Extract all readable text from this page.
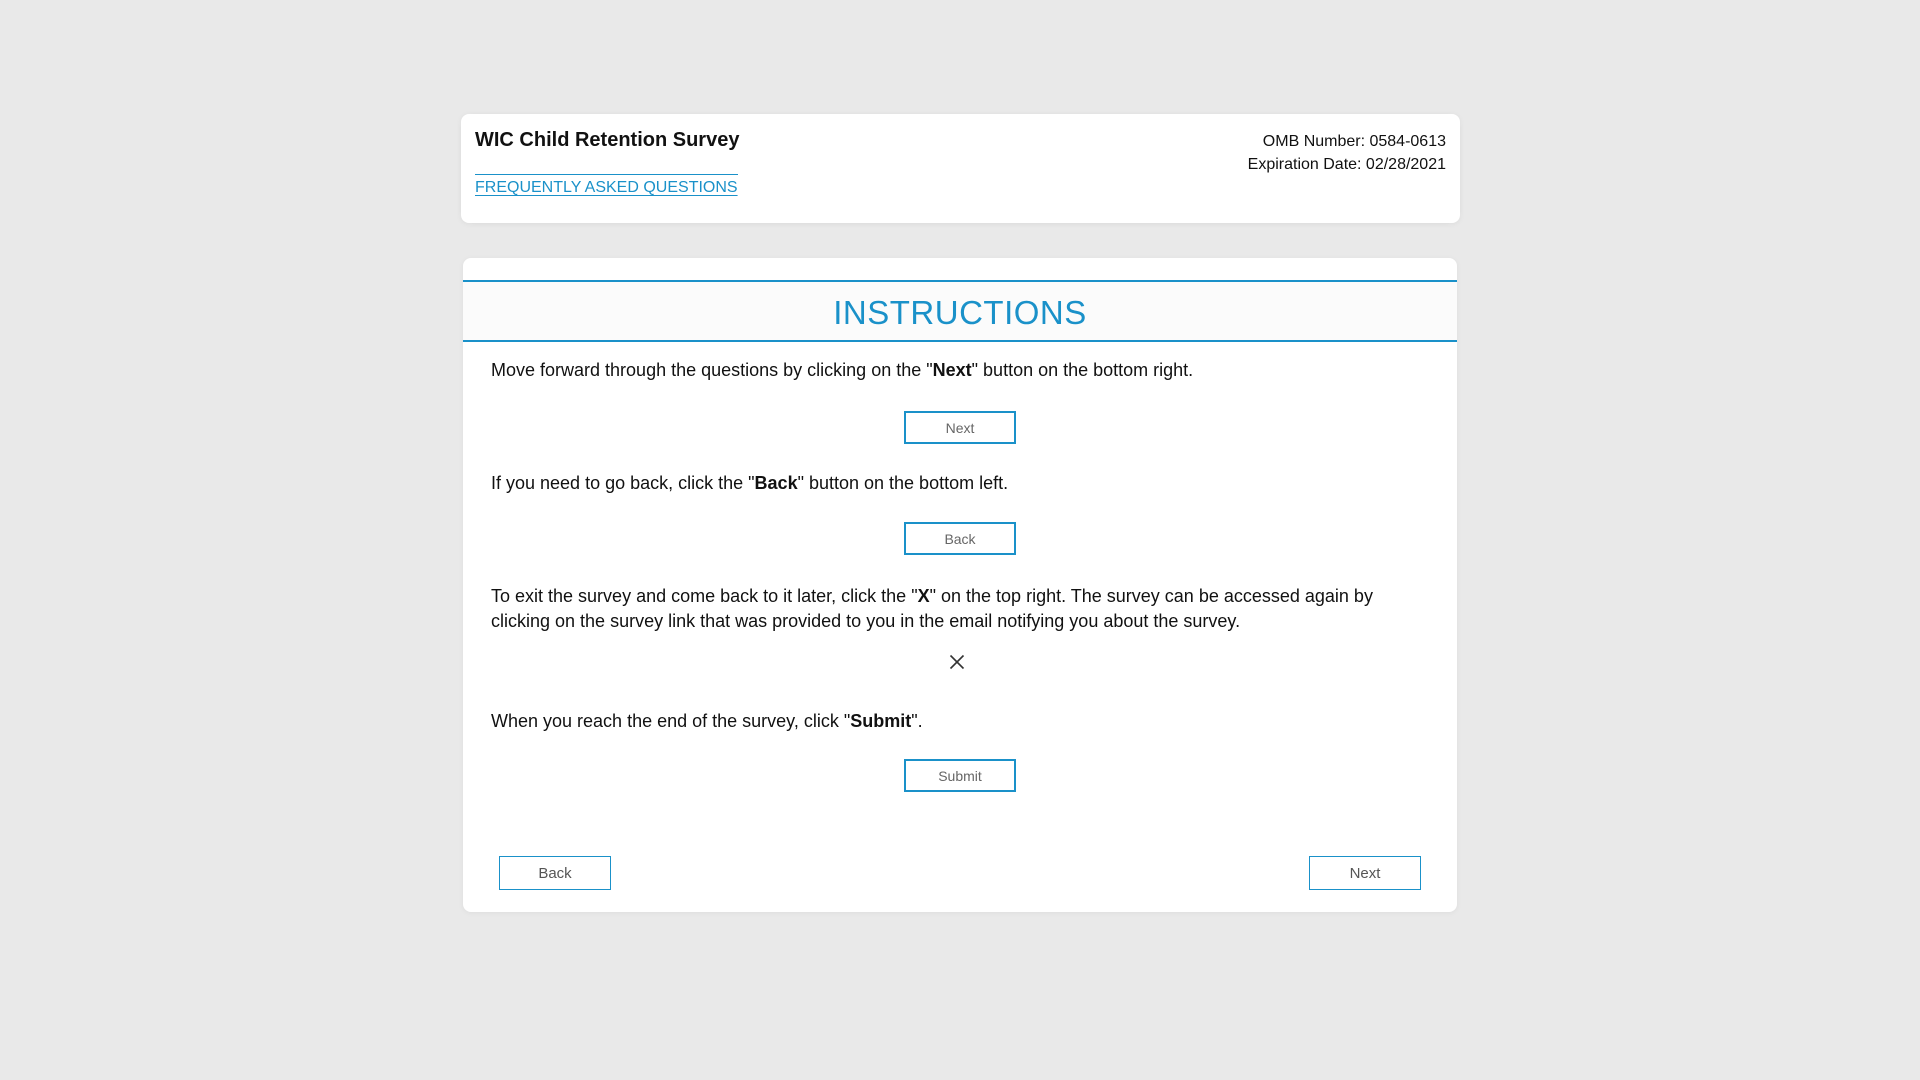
WIC Child Retention Survey
FREQUENTLY ASKED QUESTIONS
OMB Number: 0584-0613
Expiration Date: 02/28/2021
INSTRUCTIONS
Move forward through the questions by clicking on the "Next" button on the bottom right.
Next
If you need to go back, click the "Back" button on the bottom left.
Back
To exit the survey and come back to it later, click the "X" on the top right. The survey can be accessed again by clicking on the survey link that was provided to you in the email notifying you about the survey.
When you reach the end of the survey, click "Submit".
Submit
Back	Next
